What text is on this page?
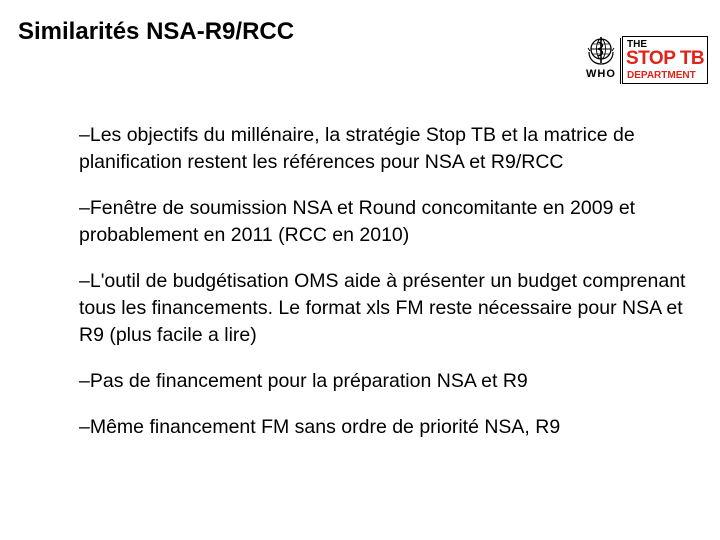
Similarités NSA-R9/RCC
WHO
THE
STOP TB
DEPARTMENT
–Les objectifs du millénaire, la stratégie Stop TB et la matrice de planification restent les références pour NSA et R9/RCC
–Fenêtre de soumission NSA et Round concomitante en 2009 et probablement en 2011 (RCC en 2010)
–L'outil de budgétisation OMS aide à présenter un budget comprenant tous les financements. Le format xls FM reste nécessaire pour NSA et R9 (plus facile a lire)
–Pas de financement pour la préparation NSA et R9
–Même financement FM sans ordre de priorité NSA, R9
